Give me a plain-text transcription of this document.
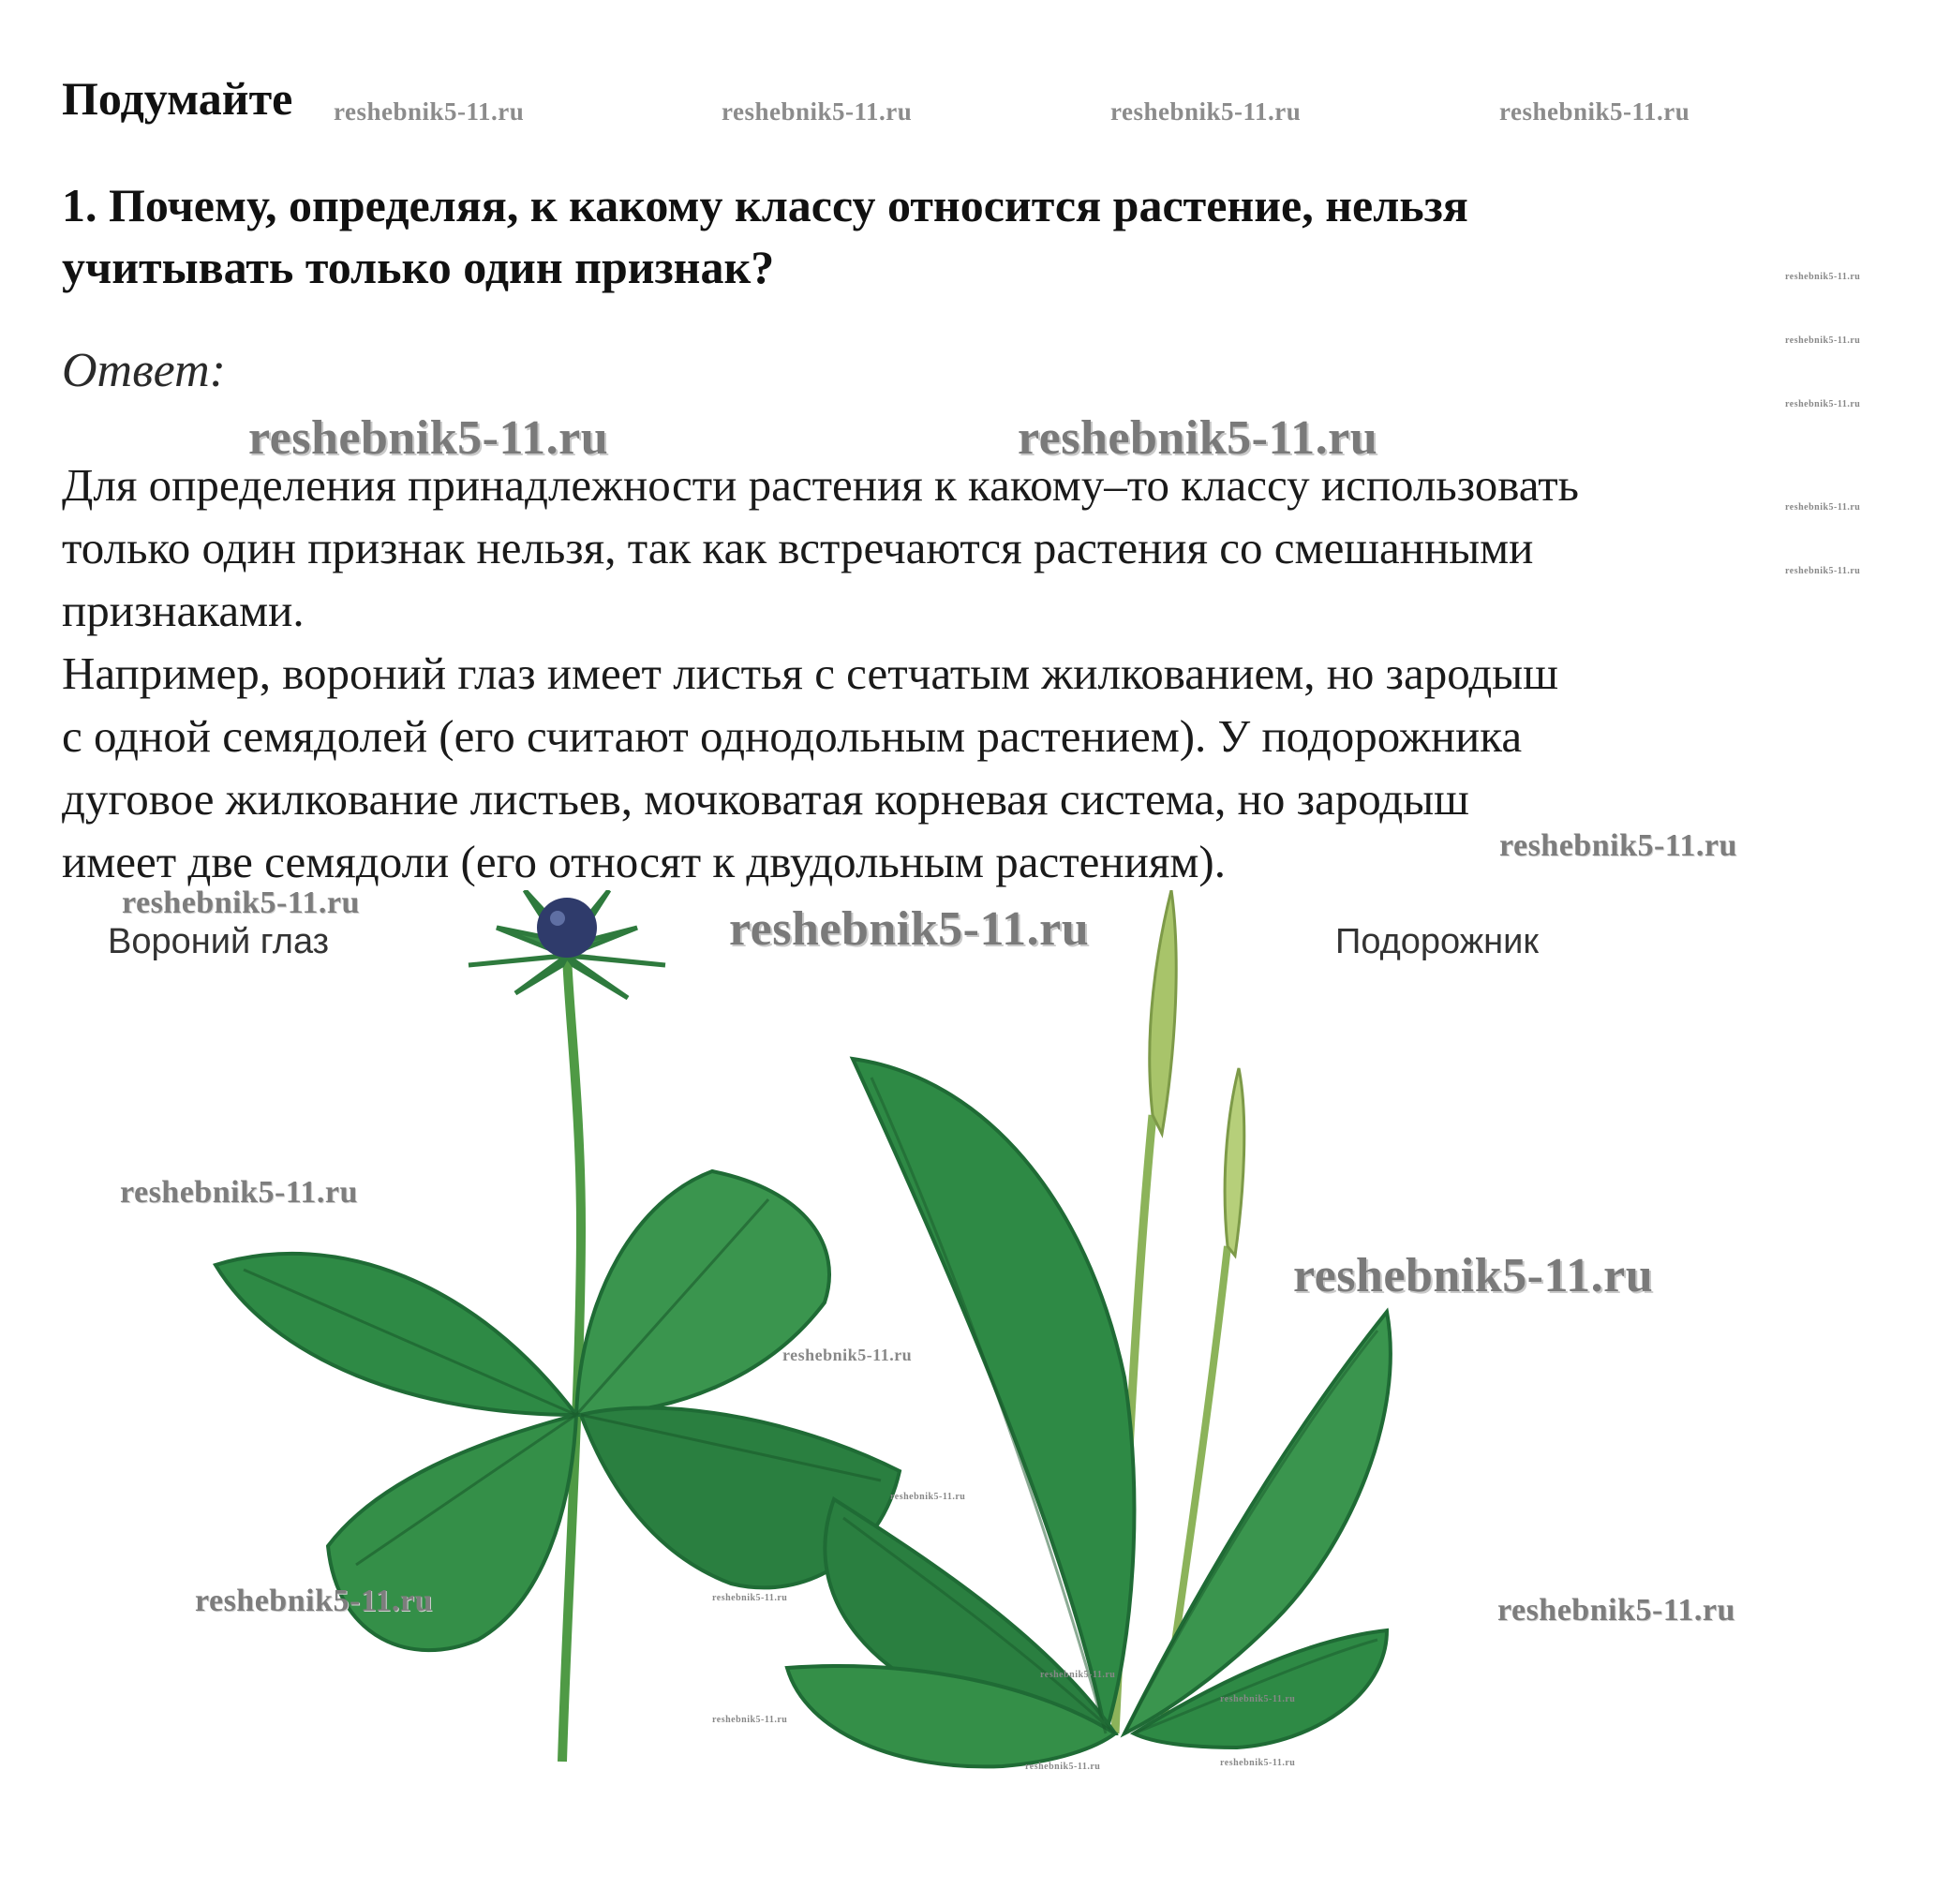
Подумайте
1. Почему, определяя, к какому классу относится растение, нельзя
учитывать только один признак?
Ответ:
Для определения принадлежности растения к какому–то классу использовать
только один признак нельзя, так как встречаются растения со смешанными
признаками.
Например, вороний глаз имеет листья с сетчатым жилкованием, но зародыш
с одной семядолей (его считают однодольным растением). У подорожника
дуговое жилкование листьев, мочковатая корневая система, но зародыш
имеет две семядоли (его относят к двудольным растениям).
Вороний глаз	Подорожник
reshebnik5-11.ru	reshebnik5-11.ru	reshebnik5-11.ru	reshebnik5-11.ru
reshebnik5-11.ru
reshebnik5-11.ru
reshebnik5-11.ru
reshebnik5-11.ru
reshebnik5-11.ru
reshebnik5-11.ru	reshebnik5-11.ru
reshebnik5-11.ru
reshebnik5-11.ru	reshebnik5-11.ru
reshebnik5-11.ru
reshebnik5-11.ru
reshebnik5-11.ru
reshebnik5-11.ru
reshebnik5-11.ru	reshebnik5-11.ru
reshebnik5-11.ru
reshebnik5-11.ru
reshebnik5-11.ru
reshebnik5-11.ru
reshebnik5-11.ru
reshebnik5-11.ru
